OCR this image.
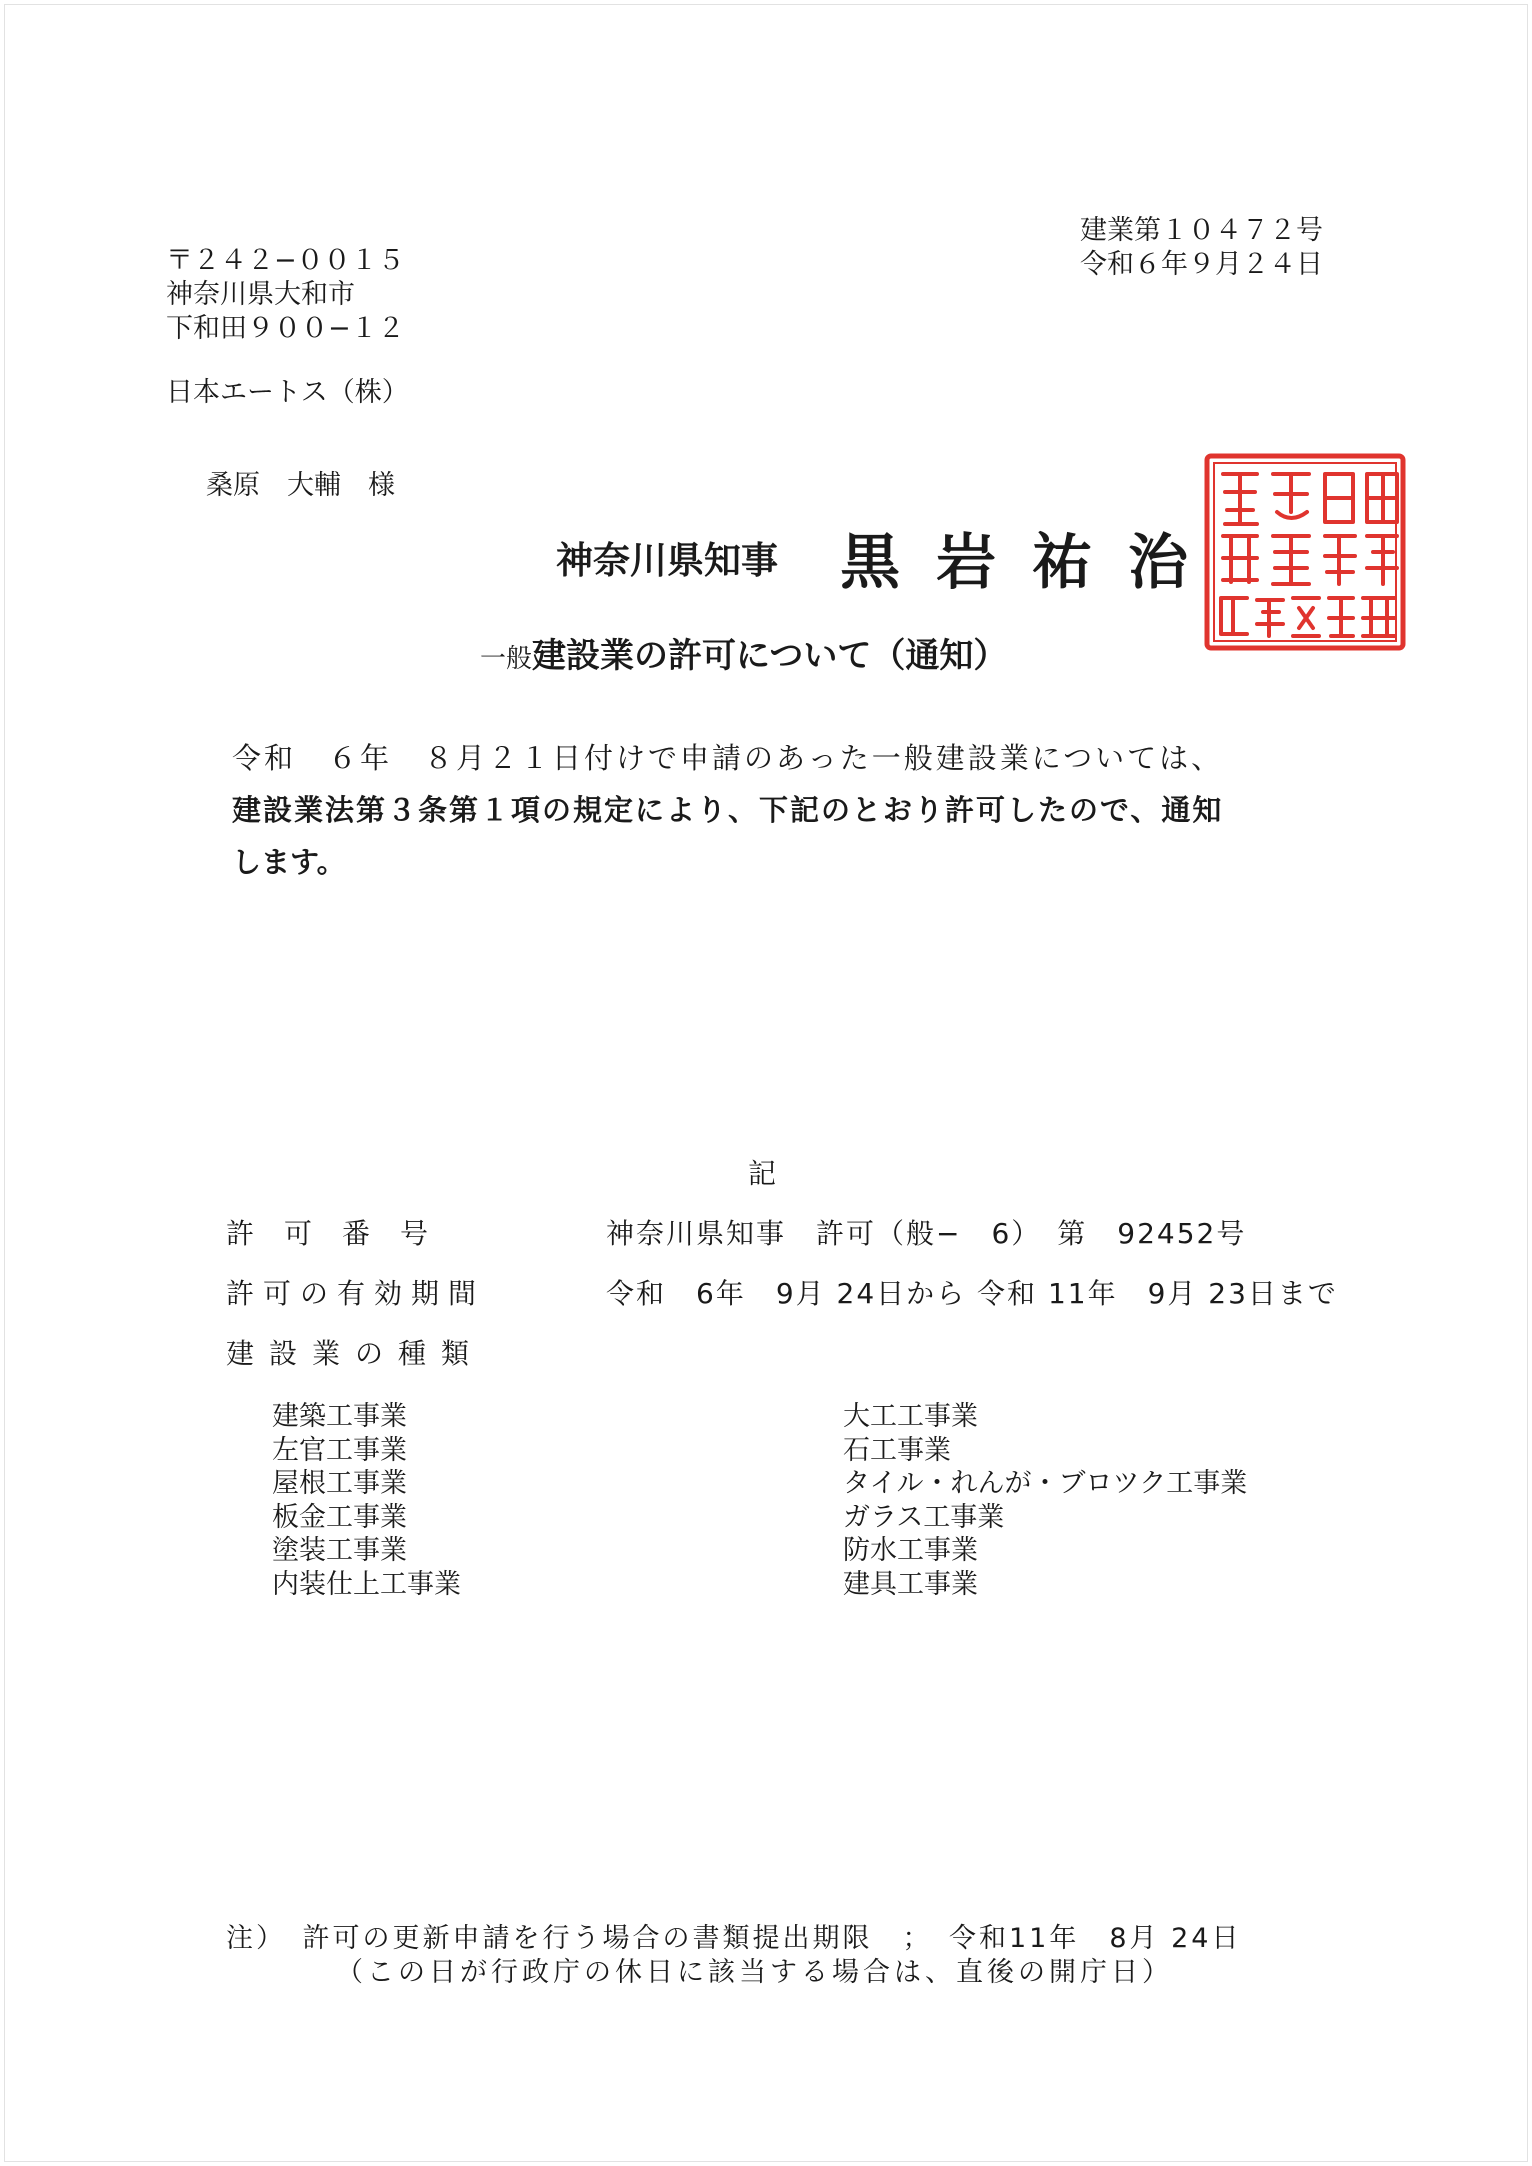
建業第１０４７２号
令和６年９月２４日
〒２４２−００１５
神奈川県大和市
下和田９００−１２
日本エートス（株）
桑原　大輔　様
神奈川県知事 黒岩祐治
一般建設業の許可について（通知）
令和　６年　８月２１日付けで申請のあった一般建設業については、
建設業法第３条第１項の規定により、下記のとおり許可したので、通知
します。
記
許可番号	神奈川県知事　許可（般−　6）　第　92452号
許可の有効期間	令和　6年　9月 24日から 令和 11年　9月 23日まで
建設業の種類
建築工事業
左官工事業
屋根工事業
板金工事業
塗装工事業
内装仕上工事業
大工工事業
石工事業
タイル・れんが・ブロツク工事業
ガラス工事業
防水工事業
建具工事業
注）　許可の更新申請を行う場合の書類提出期限　；　令和11年　8月 24日
（この日が行政庁の休日に該当する場合は、直後の開庁日）
